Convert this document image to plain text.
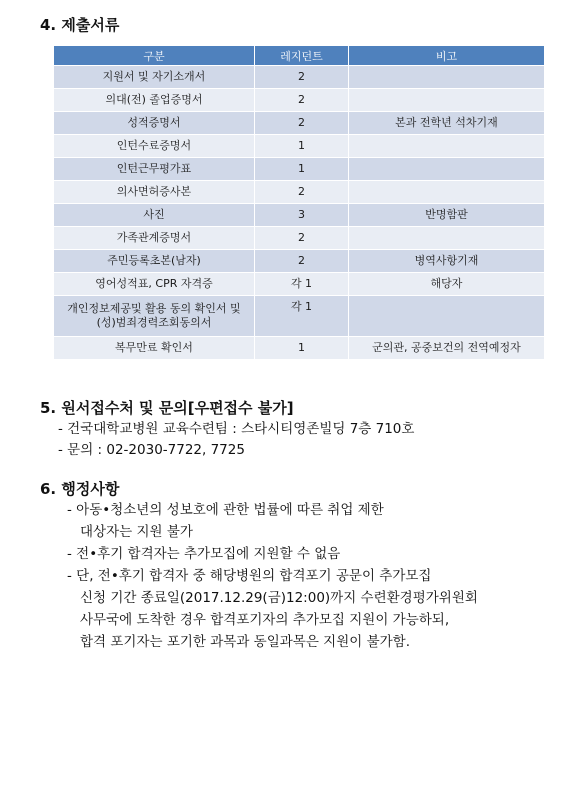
4. 제출서류
구분	레지던트	비고
지원서 및 자기소개서	2	
의대(전) 졸업증명서	2	
성적증명서	2	본과 전학년 석차기재
인턴수료증명서	1	
인턴근무평가표	1	
의사면허증사본	2	
사진	3	반명함판
가족관계증명서	2	
주민등록초본(남자)	2	병역사항기재
영어성적표, CPR 자격증	각 1	해당자
개인정보제공및 활용 동의 확인서 및 (성)범죄경력조회동의서	각 1	
복무만료 확인서	1	군의관, 공중보건의 전역예정자
5. 원서접수처 및 문의[우편접수 불가]
- 건국대학교병원 교육수련팀 : 스타시티영존빌딩 7층 710호
- 문의 : 02-2030-7722, 7725
6. 행정사항
- 아동•청소년의 성보호에 관한 법률에 따른 취업 제한
대상자는 지원 불가
- 전•후기 합격자는 추가모집에 지원할 수 없음
- 단, 전•후기 합격자 중 해당병원의 합격포기 공문이 추가모집
신청 기간 종료일(2017.12.29(금)12:00)까지 수련환경평가위원회
사무국에 도착한 경우 합격포기자의 추가모집 지원이 가능하되,
합격 포기자는 포기한 과목과 동일과목은 지원이 불가함.
